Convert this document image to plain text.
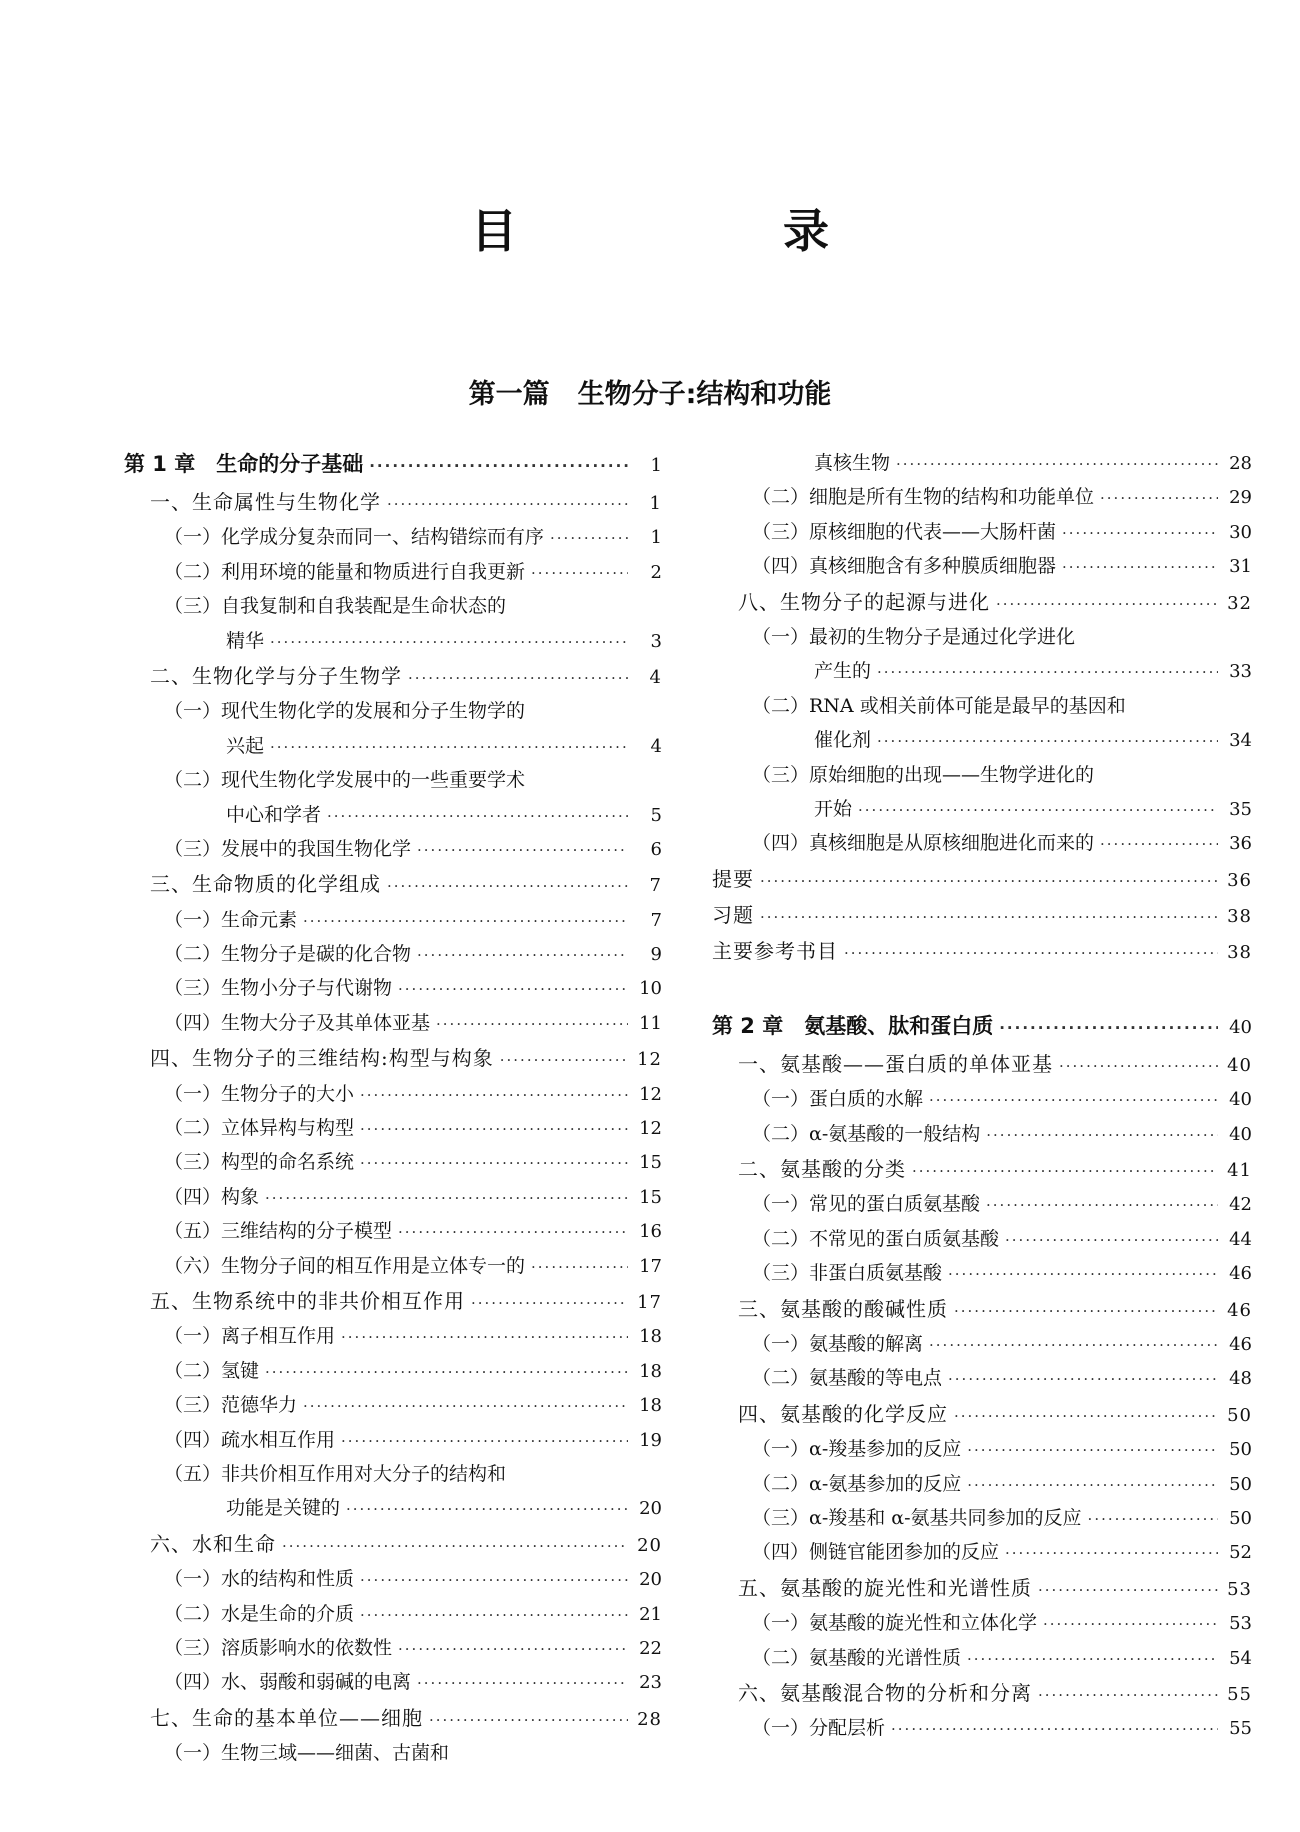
目　录
第一篇 生物分子:结构和功能
第 1 章　生命的分子基础 ·····	1
一、生命属性与生物化学 ·····	1
（一）化学成分复杂而同一、结构错综而有序 ·····	1
（二）利用环境的能量和物质进行自我更新 ·····	2
（三）自我复制和自我装配是生命状态的
精华 ·····	3
二、生物化学与分子生物学 ·····	4
（一）现代生物化学的发展和分子生物学的
兴起 ·····	4
（二）现代生物化学发展中的一些重要学术
中心和学者 ·····	5
（三）发展中的我国生物化学 ·····	6
三、生命物质的化学组成 ·····	7
（一）生命元素 ·····	7
（二）生物分子是碳的化合物 ·····	9
（三）生物小分子与代谢物 ·····	10
（四）生物大分子及其单体亚基 ·····	11
四、生物分子的三维结构:构型与构象 ·····	12
（一）生物分子的大小 ·····	12
（二）立体异构与构型 ·····	12
（三）构型的命名系统 ·····	15
（四）构象 ·····	15
（五）三维结构的分子模型 ·····	16
（六）生物分子间的相互作用是立体专一的 ·····	17
五、生物系统中的非共价相互作用 ·····	17
（一）离子相互作用 ·····	18
（二）氢键 ·····	18
（三）范德华力 ·····	18
（四）疏水相互作用 ·····	19
（五）非共价相互作用对大分子的结构和
功能是关键的 ·····	20
六、水和生命 ·····	20
（一）水的结构和性质 ·····	20
（二）水是生命的介质 ·····	21
（三）溶质影响水的依数性 ·····	22
（四）水、弱酸和弱碱的电离 ·····	23
七、生命的基本单位——细胞 ·····	28
（一）生物三域——细菌、古菌和
真核生物 ·····	28
（二）细胞是所有生物的结构和功能单位 ·····	29
（三）原核细胞的代表——大肠杆菌 ·····	30
（四）真核细胞含有多种膜质细胞器 ·····	31
八、生物分子的起源与进化 ·····	32
（一）最初的生物分子是通过化学进化
产生的 ·····	33
（二）RNA 或相关前体可能是最早的基因和
催化剂 ·····	34
（三）原始细胞的出现——生物学进化的
开始 ·····	35
（四）真核细胞是从原核细胞进化而来的 ·····	36
提要 ·····	36
习题 ·····	38
主要参考书目 ·····	38
第 2 章　氨基酸、肽和蛋白质 ·····	40
一、氨基酸——蛋白质的单体亚基 ·····	40
（一）蛋白质的水解 ·····	40
（二）α-氨基酸的一般结构 ·····	40
二、氨基酸的分类 ·····	41
（一）常见的蛋白质氨基酸 ·····	42
（二）不常见的蛋白质氨基酸 ·····	44
（三）非蛋白质氨基酸 ·····	46
三、氨基酸的酸碱性质 ·····	46
（一）氨基酸的解离 ·····	46
（二）氨基酸的等电点 ·····	48
四、氨基酸的化学反应 ·····	50
（一）α-羧基参加的反应 ·····	50
（二）α-氨基参加的反应 ·····	50
（三）α-羧基和 α-氨基共同参加的反应 ·····	50
（四）侧链官能团参加的反应 ·····	52
五、氨基酸的旋光性和光谱性质 ·····	53
（一）氨基酸的旋光性和立体化学 ·····	53
（二）氨基酸的光谱性质 ·····	54
六、氨基酸混合物的分析和分离 ·····	55
（一）分配层析 ·····	55
